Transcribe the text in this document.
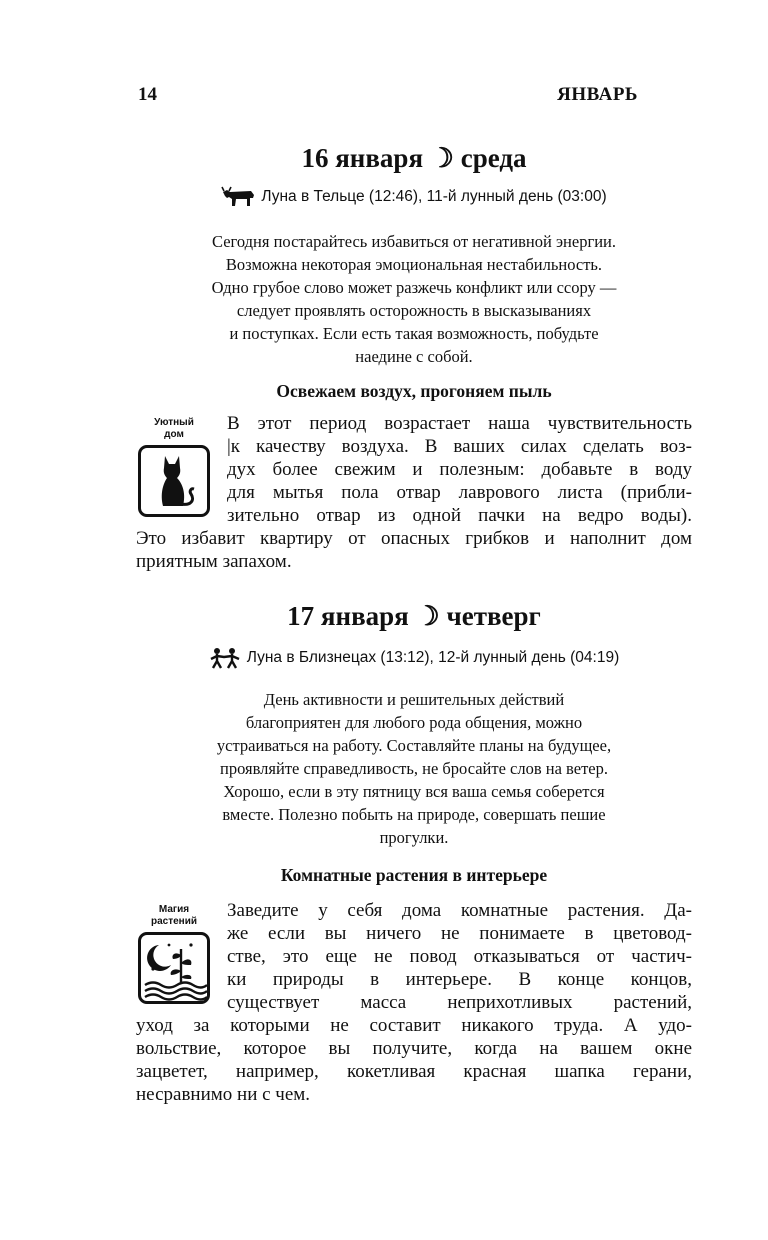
14	ЯНВАРЬ
16 января ☽ среда
Луна в Тельце (12:46), 11-й лунный день (03:00)
Сегодня постарайтесь избавиться от негативной энергии.
Возможна некоторая эмоциональная нестабильность.
Одно грубое слово может разжечь конфликт или ссору —
следует проявлять осторожность в высказываниях
и поступках. Если есть такая возможность, побудьте
наедине с собой.
Освежаем воздух, прогоняем пыль
Уютный
дом
В этот период возрастает наша чувствительность
|к качеству воздуха. В ваших силах сделать воз-
дух более свежим и полезным: добавьте в воду
для мытья пола отвар лаврового листа (прибли-
зительно отвар из одной пачки на ведро воды).
Это избавит квартиру от опасных грибков и наполнит дом
приятным запахом.
17 января ☽ четверг
Луна в Близнецах (13:12), 12-й лунный день (04:19)
День активности и решительных действий
благоприятен для любого рода общения, можно
устраиваться на работу. Составляйте планы на будущее,
проявляйте справедливость, не бросайте слов на ветер.
Хорошо, если в эту пятницу вся ваша семья соберется
вместе. Полезно побыть на природе, совершать пешие
прогулки.
Комнатные растения в интерьере
Магия
растений
Заведите у себя дома комнатные растения. Да-
же если вы ничего не понимаете в цветовод-
стве, это еще не повод отказываться от частич-
ки природы в интерьере. В конце концов,
существует масса неприхотливых растений,
уход за которыми не составит никакого труда. А удо-
вольствие, которое вы получите, когда на вашем окне
зацветет, например, кокетливая красная шапка герани,
несравнимо ни с чем.
